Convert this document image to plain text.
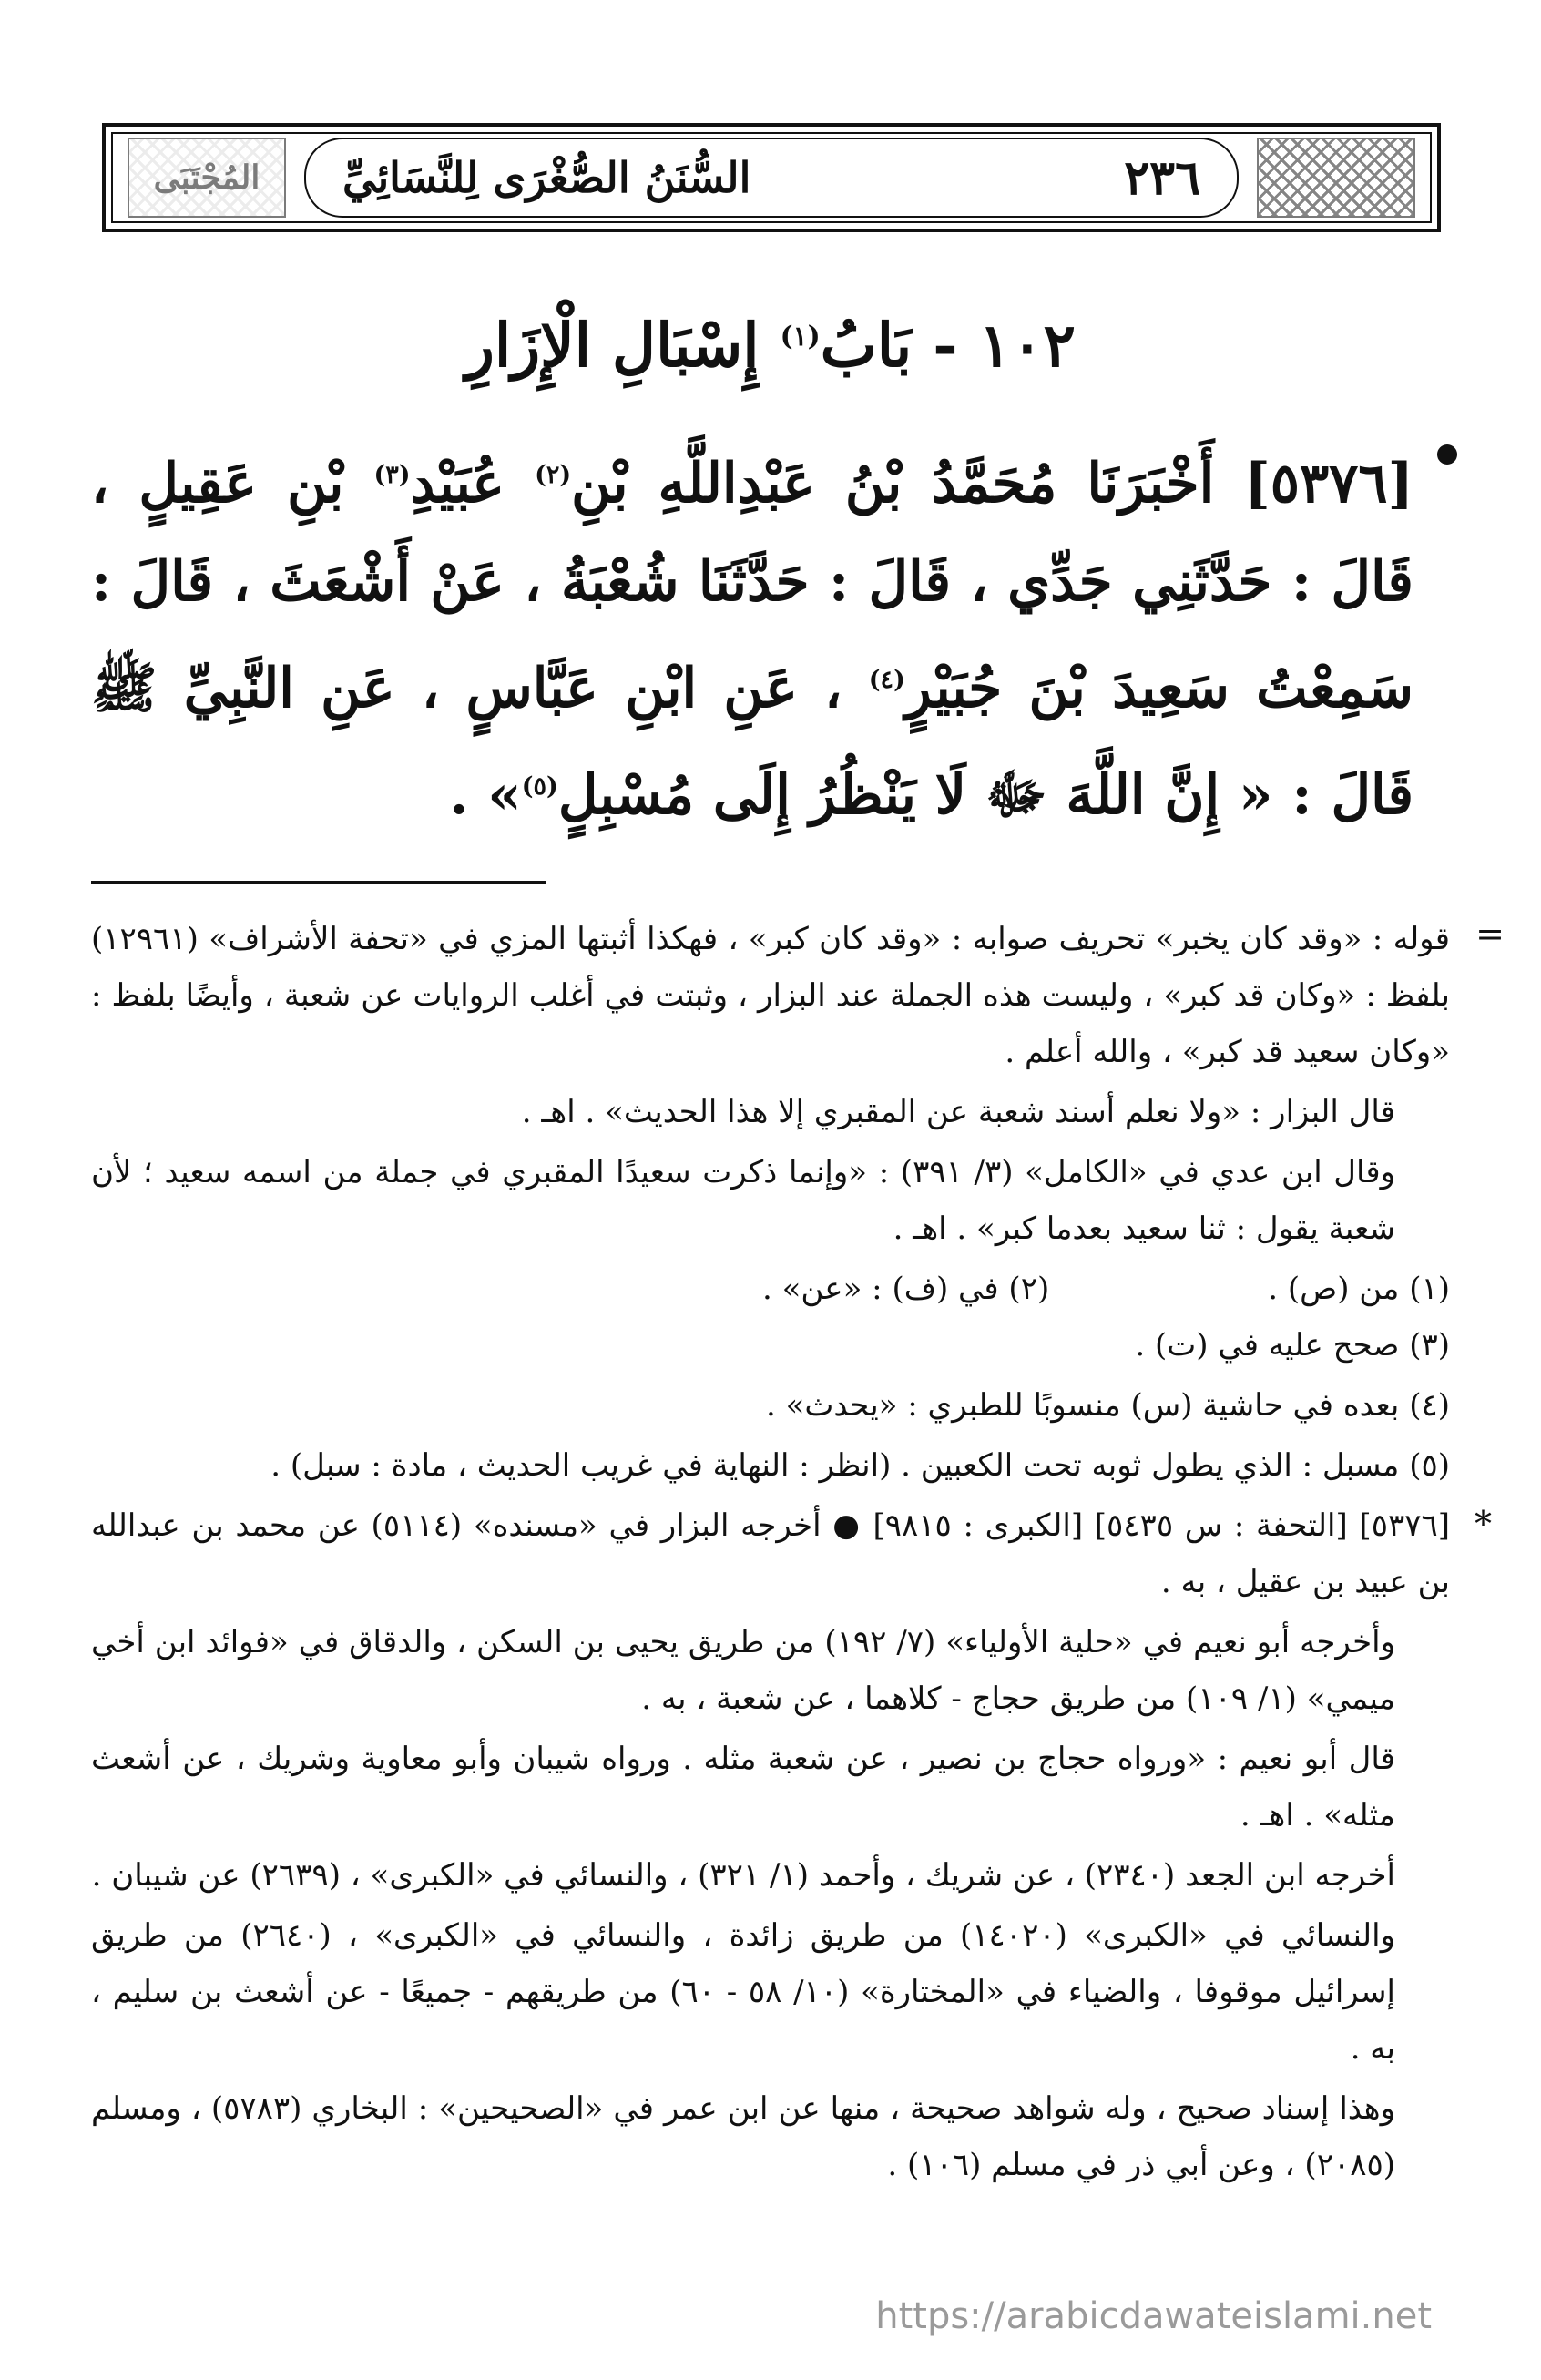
المُجْتَبَى	السُّنَنُ الصُّغْرَى لِلنَّسَائِيِّ	٢٣٦
١٠٢ - بَابُ$^{(١)}$ إِسْبَالِ الْإِزَارِ
[٥٣٧٦] أَخْبَرَنَا مُحَمَّدُ بْنُ عَبْدِاللَّهِ بْنِ$^{(٢)}$ عُبَيْدِ$^{(٣)}$ بْنِ عَقِيلٍ ، قَالَ : حَدَّثَنِي جَدِّي ، قَالَ : حَدَّثَنَا شُعْبَةُ ، عَنْ أَشْعَثَ ، قَالَ : سَمِعْتُ سَعِيدَ بْنَ جُبَيْرٍ$^{(٤)}$ ، عَنِ ابْنِ عَبَّاسٍ ، عَنِ النَّبِيِّ ﷺ قَالَ : « إِنَّ اللَّهَ ﷻ لَا يَنْظُرُ إِلَى مُسْبِلٍ$^{(٥)}$» .

=
قوله : «وقد كان يخبر» تحريف صوابه : «وقد كان كبر» ، فهكذا أثبتها المزي في «تحفة الأشراف» (١٢٩٦١) بلفظ : «وكان قد كبر» ، وليست هذه الجملة عند البزار ، وثبتت في أغلب الروايات عن شعبة ، وأيضًا بلفظ : «وكان سعيد قد كبر» ، والله أعلم .

قال البزار : «ولا نعلم أسند شعبة عن المقبري إلا هذا الحديث» . اهـ .

وقال ابن عدي في «الكامل» (٣/ ٣٩١) : «وإنما ذكرت سعيدًا المقبري في جملة من اسمه سعيد ؛ لأن شعبة يقول : ثنا سعيد بعدما كبر» . اهـ .

(١) من (ص) .
(٢) في (ف) : «عن» .

(٣) صحح عليه في (ت) .

(٤) بعده في حاشية (س) منسوبًا للطبري : «يحدث» .

(٥) مسبل : الذي يطول ثوبه تحت الكعبين . (انظر : النهاية في غريب الحديث ، مادة : سبل) .

*
[٥٣٧٦] [التحفة : س ٥٤٣٥] [الكبرى : ٩٨١٥] ● أخرجه البزار في «مسنده» (٥١١٤) عن محمد بن عبدالله بن عبيد بن عقيل ، به .

وأخرجه أبو نعيم في «حلية الأولياء» (٧/ ١٩٢) من طريق يحيى بن السكن ، والدقاق في «فوائد ابن أخي ميمي» (١/ ١٠٩) من طريق حجاج - كلاهما ، عن شعبة ، به .

قال أبو نعيم : «ورواه حجاج بن نصير ، عن شعبة مثله . ورواه شيبان وأبو معاوية وشريك ، عن أشعث مثله» . اهـ .

أخرجه ابن الجعد (٢٣٤٠) ، عن شريك ، وأحمد (١/ ٣٢١) ، والنسائي في «الكبرى» ، (٢٦٣٩) عن شيبان .

والنسائي في «الكبرى» (١٤٠٢٠) من طريق زائدة ، والنسائي في «الكبرى» ، (٢٦٤٠) من طريق إسرائيل موقوفا ، والضياء في «المختارة» (١٠/ ٥٨ - ٦٠) من طريقهم - جميعًا - عن أشعث بن سليم ، به .

وهذا إسناد صحيح ، وله شواهد صحيحة ، منها عن ابن عمر في «الصحيحين» : البخاري (٥٧٨٣) ، ومسلم (٢٠٨٥) ، وعن أبي ذر في مسلم (١٠٦) .

https://arabicdawateislami.net
